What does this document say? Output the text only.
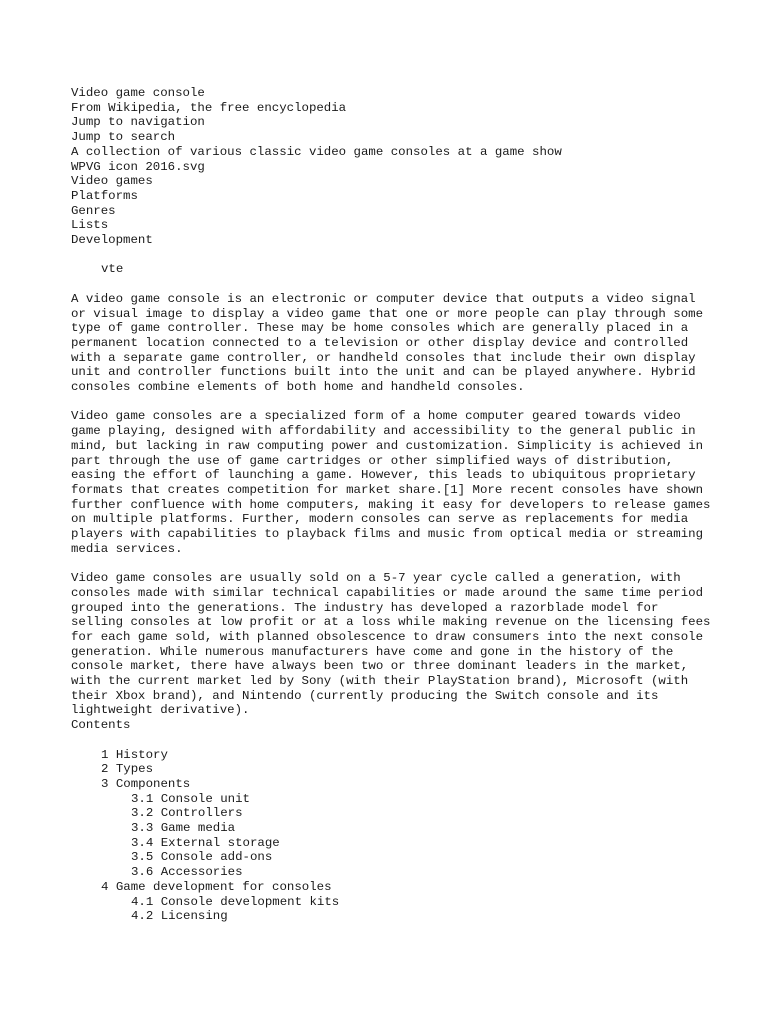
Video game console
From Wikipedia, the free encyclopedia
Jump to navigation
Jump to search
A collection of various classic video game consoles at a game show
WPVG icon 2016.svg
Video games
Platforms
Genres
Lists
Development
vte

A video game console is an electronic or computer device that outputs a video signal or visual image to display a video game that one or more people can play through some type of game controller. These may be home consoles which are generally placed in a permanent location connected to a television or other display device and controlled with a separate game controller, or handheld consoles that include their own display unit and controller functions built into the unit and can be played anywhere. Hybrid consoles combine elements of both home and handheld consoles.

Video game consoles are a specialized form of a home computer geared towards video game playing, designed with affordability and accessibility to the general public in mind, but lacking in raw computing power and customization. Simplicity is achieved in part through the use of game cartridges or other simplified ways of distribution, easing the effort of launching a game. However, this leads to ubiquitous proprietary formats that creates competition for market share.[1] More recent consoles have shown further confluence with home computers, making it easy for developers to release games on multiple platforms. Further, modern consoles can serve as replacements for media players with capabilities to playback films and music from optical media or streaming media services.

Video game consoles are usually sold on a 5-7 year cycle called a generation, with consoles made with similar technical capabilities or made around the same time period grouped into the generations. The industry has developed a razorblade model for selling consoles at low profit or at a loss while making revenue on the licensing fees for each game sold, with planned obsolescence to draw consumers into the next console generation. While numerous manufacturers have come and gone in the history of the console market, there have always been two or three dominant leaders in the market, with the current market led by Sony (with their PlayStation brand), Microsoft (with their Xbox brand), and Nintendo (currently producing the Switch console and its lightweight derivative).

Contents
1 History
2 Types
3 Components
3.1 Console unit
3.2 Controllers
3.3 Game media
3.4 External storage
3.5 Console add-ons
3.6 Accessories
4 Game development for consoles
4.1 Console development kits
4.2 Licensing
